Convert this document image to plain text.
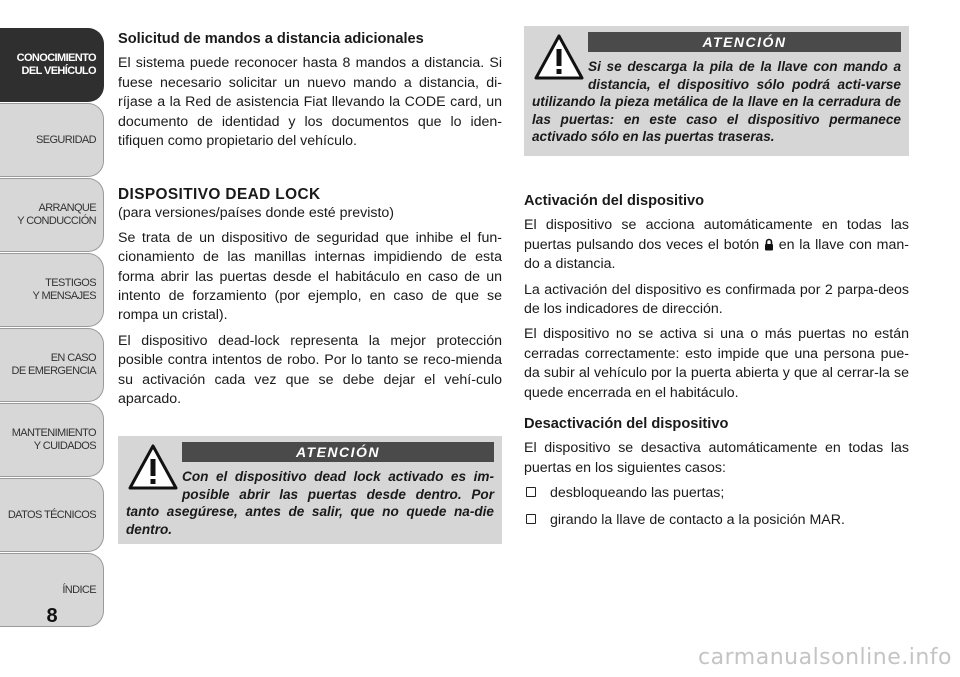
CONOCIMIENTO
DEL VEHÍCULO
SEGURIDAD
ARRANQUE
Y CONDUCCIÓN
TESTIGOS
Y MENSAJES
EN CASO
DE EMERGENCIA
MANTENIMIENTO
Y CUIDADOS
DATOS TÉCNICOS
ÍNDICE
8
Solicitud de mandos a distancia adicionales

El sistema puede reconocer hasta 8 mandos a distancia. Si fuese necesario solicitar un nuevo mando a distancia, di-ríjase a la Red de asistencia Fiat llevando la CODE card, un documento de identidad y los documentos que lo iden-tifiquen como propietario del vehículo.

DISPOSITIVO DEAD LOCK
(para versiones/países donde esté previsto)

Se trata de un dispositivo de seguridad que inhibe el fun-cionamiento de las manillas internas impidiendo de esta forma abrir las puertas desde el habitáculo en caso de un intento de forzamiento (por ejemplo, en caso de que se rompa un cristal).

El dispositivo dead-lock representa la mejor protección posible contra intentos de robo. Por lo tanto se reco-mienda su activación cada vez que se debe dejar el vehí-culo aparcado.

ATENCIÓN

Si se descarga la pila de la llave con mando a distancia, el dispositivo sólo podrá acti-varse utilizando la pieza metálica de la llave en la cerradura de las puertas: en este caso el dispositivo permanece activado sólo en las puertas traseras.

ATENCIÓN

Con el dispositivo dead lock activado es im-posible abrir las puertas desde dentro. Por tanto asegúrese, antes de salir, que no quede na-die dentro.

Activación del dispositivo

El dispositivo se acciona automáticamente en todas las puertas pulsando dos veces el botón en la llave con man-do a distancia.

La activación del dispositivo es confirmada por 2 parpa-deos de los indicadores de dirección.

El dispositivo no se activa si una o más puertas no están cerradas correctamente: esto impide que una persona pue-da subir al vehículo por la puerta abierta y que al cerrar-la se quede encerrada en el habitáculo.

Desactivación del dispositivo

El dispositivo se desactiva automáticamente en todas las puertas en los siguientes casos:

desbloqueando las puertas;
girando la llave de contacto a la posición MAR.
carmanualsonline.info
